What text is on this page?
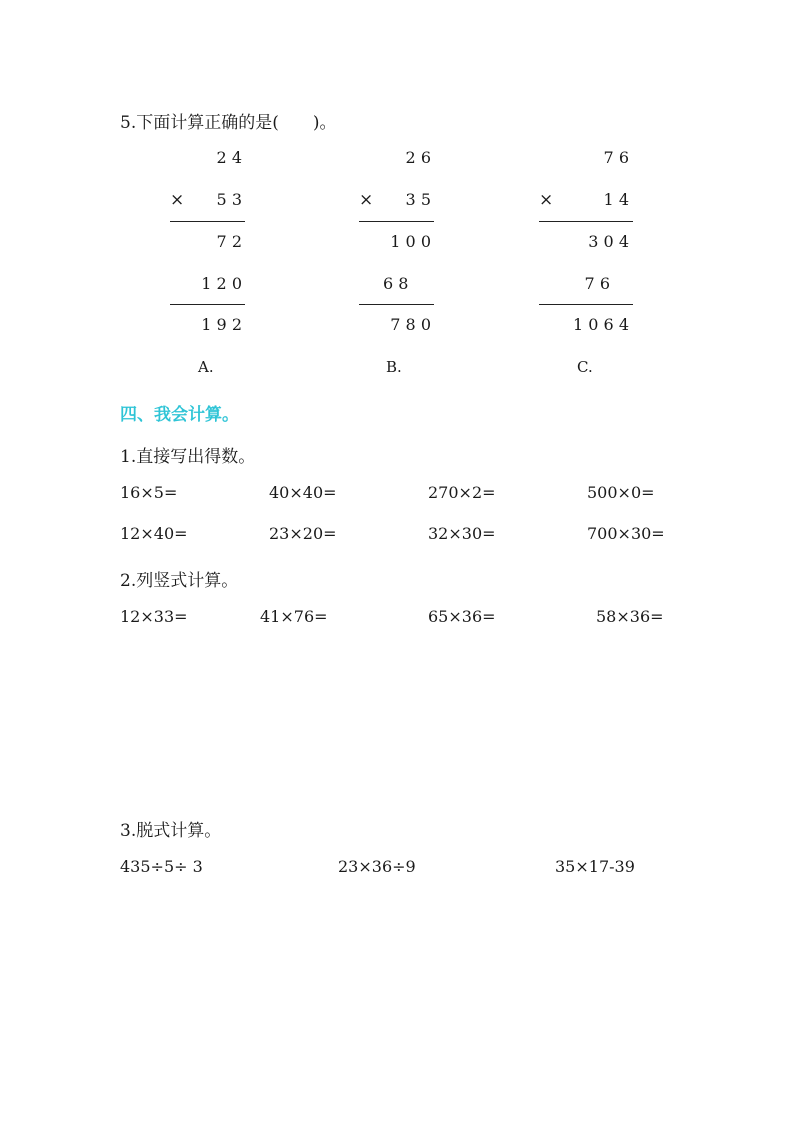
5.下面计算正确的是(　　)。
2 4
×	5 3
7 2
1 2 0
1 9 2
A.
2 6
×	3 5
1 0 0
6 8
7 8 0
B.
7 6
×	1 4
3 0 4
7 6
1 0 6 4
C.
四、我会计算。
1.直接写出得数。
16×5=	40×40=	270×2=	500×0=
12×40=	23×20=	32×30=	700×30=
2.列竖式计算。
12×33=	41×76=	65×36=	58×36=
3.脱式计算。
435÷5÷ 3	23×36÷9	35×17-39
